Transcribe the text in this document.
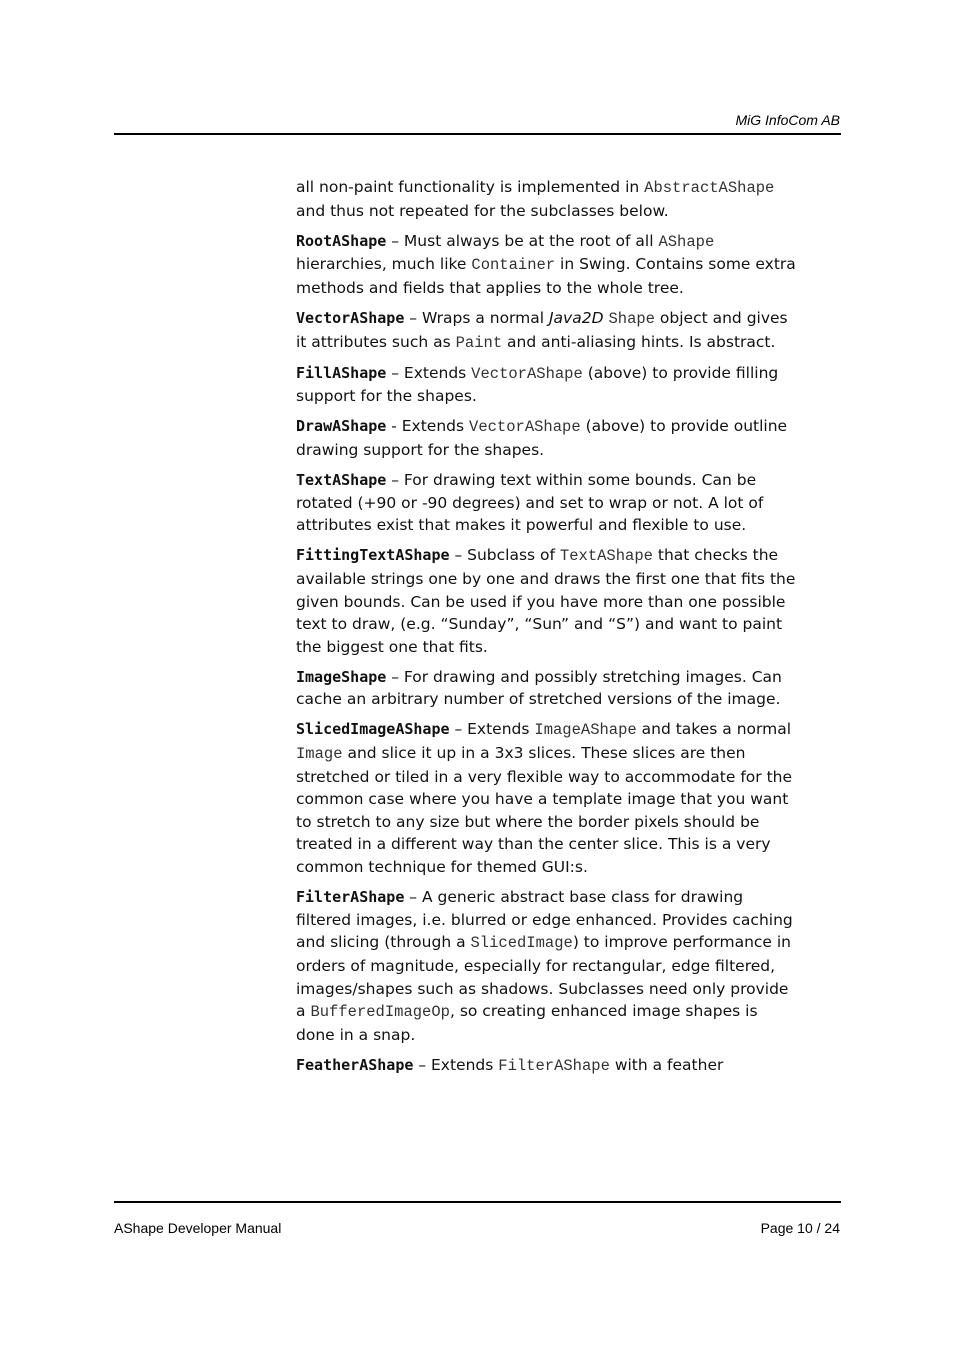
MiG InfoCom AB

all non-paint functionality is implemented in AbstractAShape and thus not repeated for the subclasses below.

RootAShape – Must always be at the root of all AShape hierarchies, much like Container in Swing. Contains some extra methods and fields that applies to the whole tree.

VectorAShape – Wraps a normal Java2D Shape object and gives it attributes such as Paint and anti-aliasing hints. Is abstract.

FillAShape – Extends VectorAShape (above) to provide filling support for the shapes.

DrawAShape - Extends VectorAShape (above) to provide outline drawing support for the shapes.

TextAShape – For drawing text within some bounds. Can be rotated (+90 or -90 degrees) and set to wrap or not. A lot of attributes exist that makes it powerful and flexible to use.

FittingTextAShape – Subclass of TextAShape that checks the available strings one by one and draws the first one that fits the given bounds. Can be used if you have more than one possible text to draw, (e.g. “Sunday”, “Sun” and “S”) and want to paint the biggest one that fits.

ImageShape – For drawing and possibly stretching images. Can cache an arbitrary number of stretched versions of the image.

SlicedImageAShape – Extends ImageAShape and takes a normal Image and slice it up in a 3x3 slices. These slices are then stretched or tiled in a very flexible way to accommodate for the common case where you have a template image that you want to stretch to any size but where the border pixels should be treated in a different way than the center slice. This is a very common technique for themed GUI:s.

FilterAShape – A generic abstract base class for drawing filtered images, i.e. blurred or edge enhanced. Provides caching and slicing (through a SlicedImage) to improve performance in orders of magnitude, especially for rectangular, edge filtered, images/shapes such as shadows. Subclasses need only provide a BufferedImageOp, so creating enhanced image shapes is done in a snap.

FeatherAShape – Extends FilterAShape with a feather

AShape Developer Manual	Page 10 / 24
